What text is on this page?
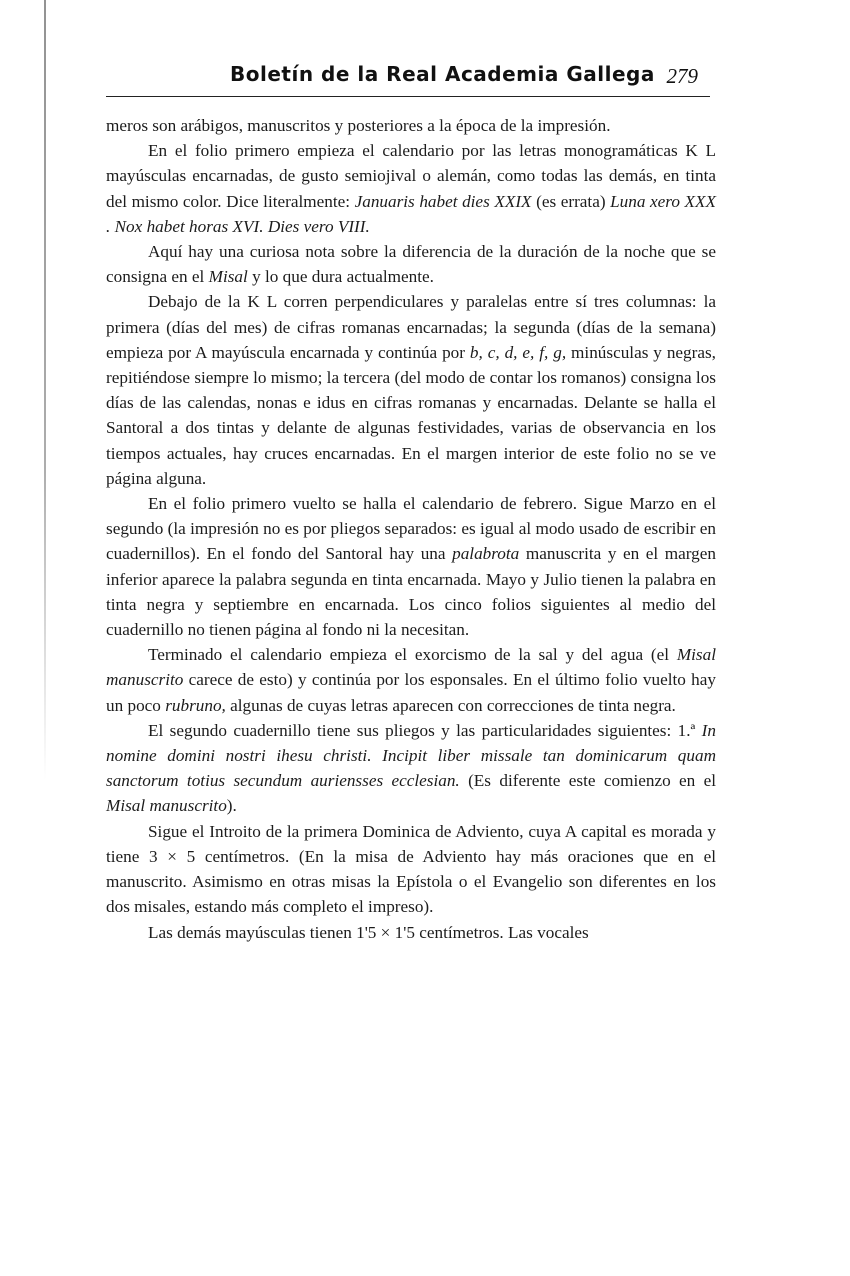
Boletín de la Real Academia Gallega 279

meros son arábigos, manuscritos y posteriores a la época de la impresión.

En el folio primero empieza el calendario por las letras monogramáticas K L mayúsculas encarnadas, de gusto semiojival o alemán, como todas las demás, en tinta del mismo color. Dice literalmente: Januaris habet dies XXIX (es errata) Luna xero XXX . Nox habet horas XVI. Dies vero VIII.

Aquí hay una curiosa nota sobre la diferencia de la duración de la noche que se consigna en el Misal y lo que dura actualmente.

Debajo de la K L corren perpendiculares y paralelas entre sí tres columnas: la primera (días del mes) de cifras romanas encarnadas; la segunda (días de la semana) empieza por A mayúscula encarnada y continúa por b, c, d, e, f, g, minúsculas y negras, repitiéndose siempre lo mismo; la tercera (del modo de contar los romanos) consigna los días de las calendas, nonas e idus en cifras romanas y encarnadas. Delante se halla el Santoral a dos tintas y delante de algunas festividades, varias de observancia en los tiempos actuales, hay cruces encarnadas. En el margen interior de este folio no se ve página alguna.

En el folio primero vuelto se halla el calendario de febrero. Sigue Marzo en el segundo (la impresión no es por pliegos separados: es igual al modo usado de escribir en cuadernillos). En el fondo del Santoral hay una palabrota manuscrita y en el margen inferior aparece la palabra segunda en tinta encarnada. Mayo y Julio tienen la palabra en tinta negra y septiembre en encarnada. Los cinco folios siguientes al medio del cuadernillo no tienen página al fondo ni la necesitan.

Terminado el calendario empieza el exorcismo de la sal y del agua (el Misal manuscrito carece de esto) y continúa por los esponsales. En el último folio vuelto hay un poco rubruno, algunas de cuyas letras aparecen con correcciones de tinta negra.

El segundo cuadernillo tiene sus pliegos y las particularidades siguientes: 1.ª In nomine domini nostri ihesu christi. Incipit liber missale tan dominicarum quam sanctorum totius secundum auriensses ecclesian. (Es diferente este comienzo en el Misal manuscrito).

Sigue el Introito de la primera Dominica de Adviento, cuya A capital es morada y tiene 3 × 5 centímetros. (En la misa de Adviento hay más oraciones que en el manuscrito. Asimismo en otras misas la Epístola o el Evangelio son diferentes en los dos misales, estando más completo el impreso).

Las demás mayúsculas tienen 1'5 × 1'5 centímetros. Las vocales
